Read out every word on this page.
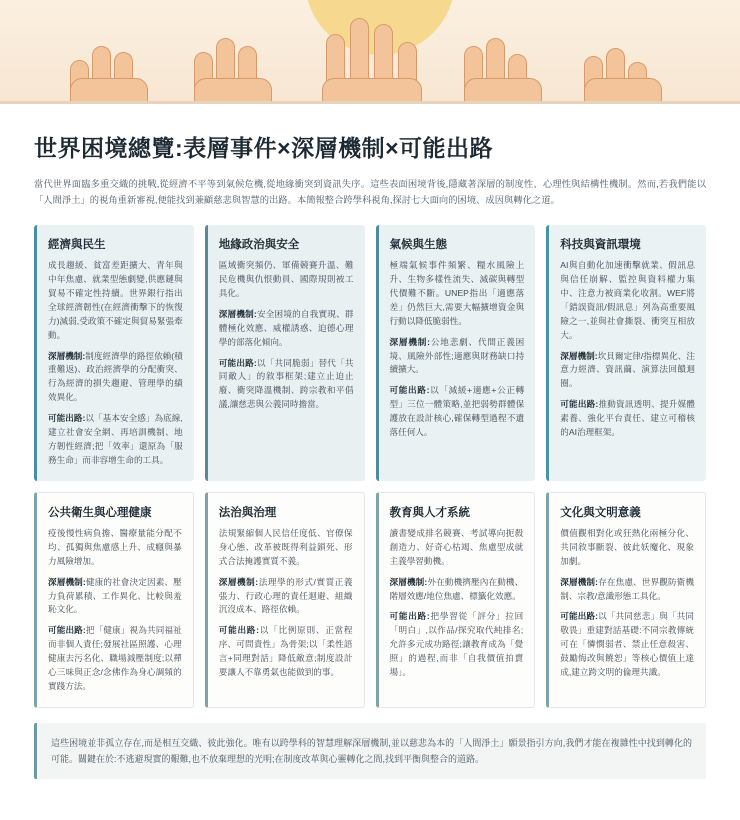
世界困境總覽:表層事件×深層機制×可能出路

當代世界面臨多重交織的挑戰,從經濟不平等到氣候危機,從地緣衝突到資訊失序。這些表面困境背後,隱藏著深層的制度性、心理性與結構性機制。然而,若我們能以「人間淨土」的視角重新審視,便能找到兼顧慈悲與智慧的出路。本簡報整合跨學科視角,探討七大面向的困境、成因與轉化之道。

經濟與民生

成長趨緩、貧富差距擴大、青年與中年焦慮、就業型態劇變,供應鏈與貿易不確定性持續。世界銀行指出全球經濟韌性(在經濟衝擊下的恢復力)減弱,受政策不確定與貿易緊張牽動。

深層機制:制度經濟學的路徑依賴(積重難返)、政治經濟學的分配衝突、行為經濟的損失趨避、管理學的績效異化。

可能出路:以「基本安全感」為底線,建立社會安全網、再培訓機制、地方韌性經濟;把「效率」還原為「服務生命」而非容增生命的工具。

地緣政治與安全

區域衝突頻仍、軍備競賽升溫、難民危機與仇恨動員、國際規則被工具化。

深層機制:安全困境的自我實現、群體極化效應、威權誘惑、迫德心理學的部落化傾向。

可能出路:以「共同脆弱」替代「共同敵人」的敘事框架;建立止迫止廢、衝突降溫機制、跨宗教和平倡議,讓慈悲與公義同時擔當。

氣候與生態

極端氣候事件頻繁、糧水風險上升、生物多樣性流失、減碳與轉型代價難不斷。UNEP指出「適應落差」仍然巨大,需要大幅擴增資金與行動以降低脆弱性。

深層機制:公地悲劇、代間正義困境、風險外部性;適應與財務缺口持續擴大。

可能出路:以「減緩+適應+公正轉型」三位一體策略,並把弱勢群體保護放在設計核心,確保轉型過程不遺落任何人。

科技與資訊環境

AI與自動化加速衝擊就業、假訊息與信任崩解、監控與資料權力集中、注意力被商業化收割。WEF將「錯誤資訊/假訊息」列為高重要風險之一,並與社會撕裂、衝突互相放大。

深層機制:坎貝爾定律/指標異化、注意力經濟、資訊繭、演算法回饋迴圈。

可能出路:推動資訊透明、提升媒體素養、強化平台責任、建立可稽核的AI治理框架。

公共衛生與心理健康

疫後慢性病負擔、醫療量能分配不均、孤獨與焦慮感上升、成癮與暴力風險增加。

深層機制:健康的社會決定因素、壓力負荷累積、工作異化、比較與羞恥文化。

可能出路:把「健康」視為共同福祉而非個人責任;發展社區照護、心理健康去污名化、職場減壓制度;以禪心三味與正念/念佛作為身心調頻的實踐方法。

法治與治理

法規緊縮個人民信任度低、官僚保身心態、改革被既得利益鎖死、形式合法掩護實質不義。

深層機制:法理學的形式/實質正義張力、行政心理的責任迴避、組織沉沒成本、路徑依賴。

可能出路:以「比例原則、正當程序、可問責性」為骨架;以「柔性語言+同理對話」降低敵意;制度設計要讓人不靠勇氣也能做到的事。

教育與人才系統

讀書變成排名競賽、考試導向扼殺創造力、好奇心枯竭、焦慮型成就主義學習動機。

深層機制:外在動機擠壓內在動機、階層效應/地位焦慮、標籤化效應。

可能出路:把學習從「評分」拉回「明白」,以作品/探究取代純排名;允許多元成功路徑;讓教育成為「覺照」的過程,而非「自我價值拍賣場」。

文化與文明意義

價值觀相對化或狂熱化兩極分化、共同敘事斷裂、彼此妖魔化、現象加劇。

深層機制:存在焦慮、世界觀防衛機制、宗教/意識形態工具化。

可能出路:以「共同慈悲」與「共同敬畏」重建對話基礎:不同宗教傳統可在「憐憫弱者、禁止任意殺害、鼓勵悔改與饒恕」等核心價值上達成,建立跨文明的倫理共識。

這些困境並非孤立存在,而是相互交織、彼此強化。唯有以跨學科的智慧理解深層機制,並以慈悲為本的「人間淨土」願景指引方向,我們才能在複雜性中找到轉化的可能。關鍵在於:不逃避現實的艱難,也不放棄理想的光明;在制度改革與心靈轉化之間,找到平衡與整合的道路。
